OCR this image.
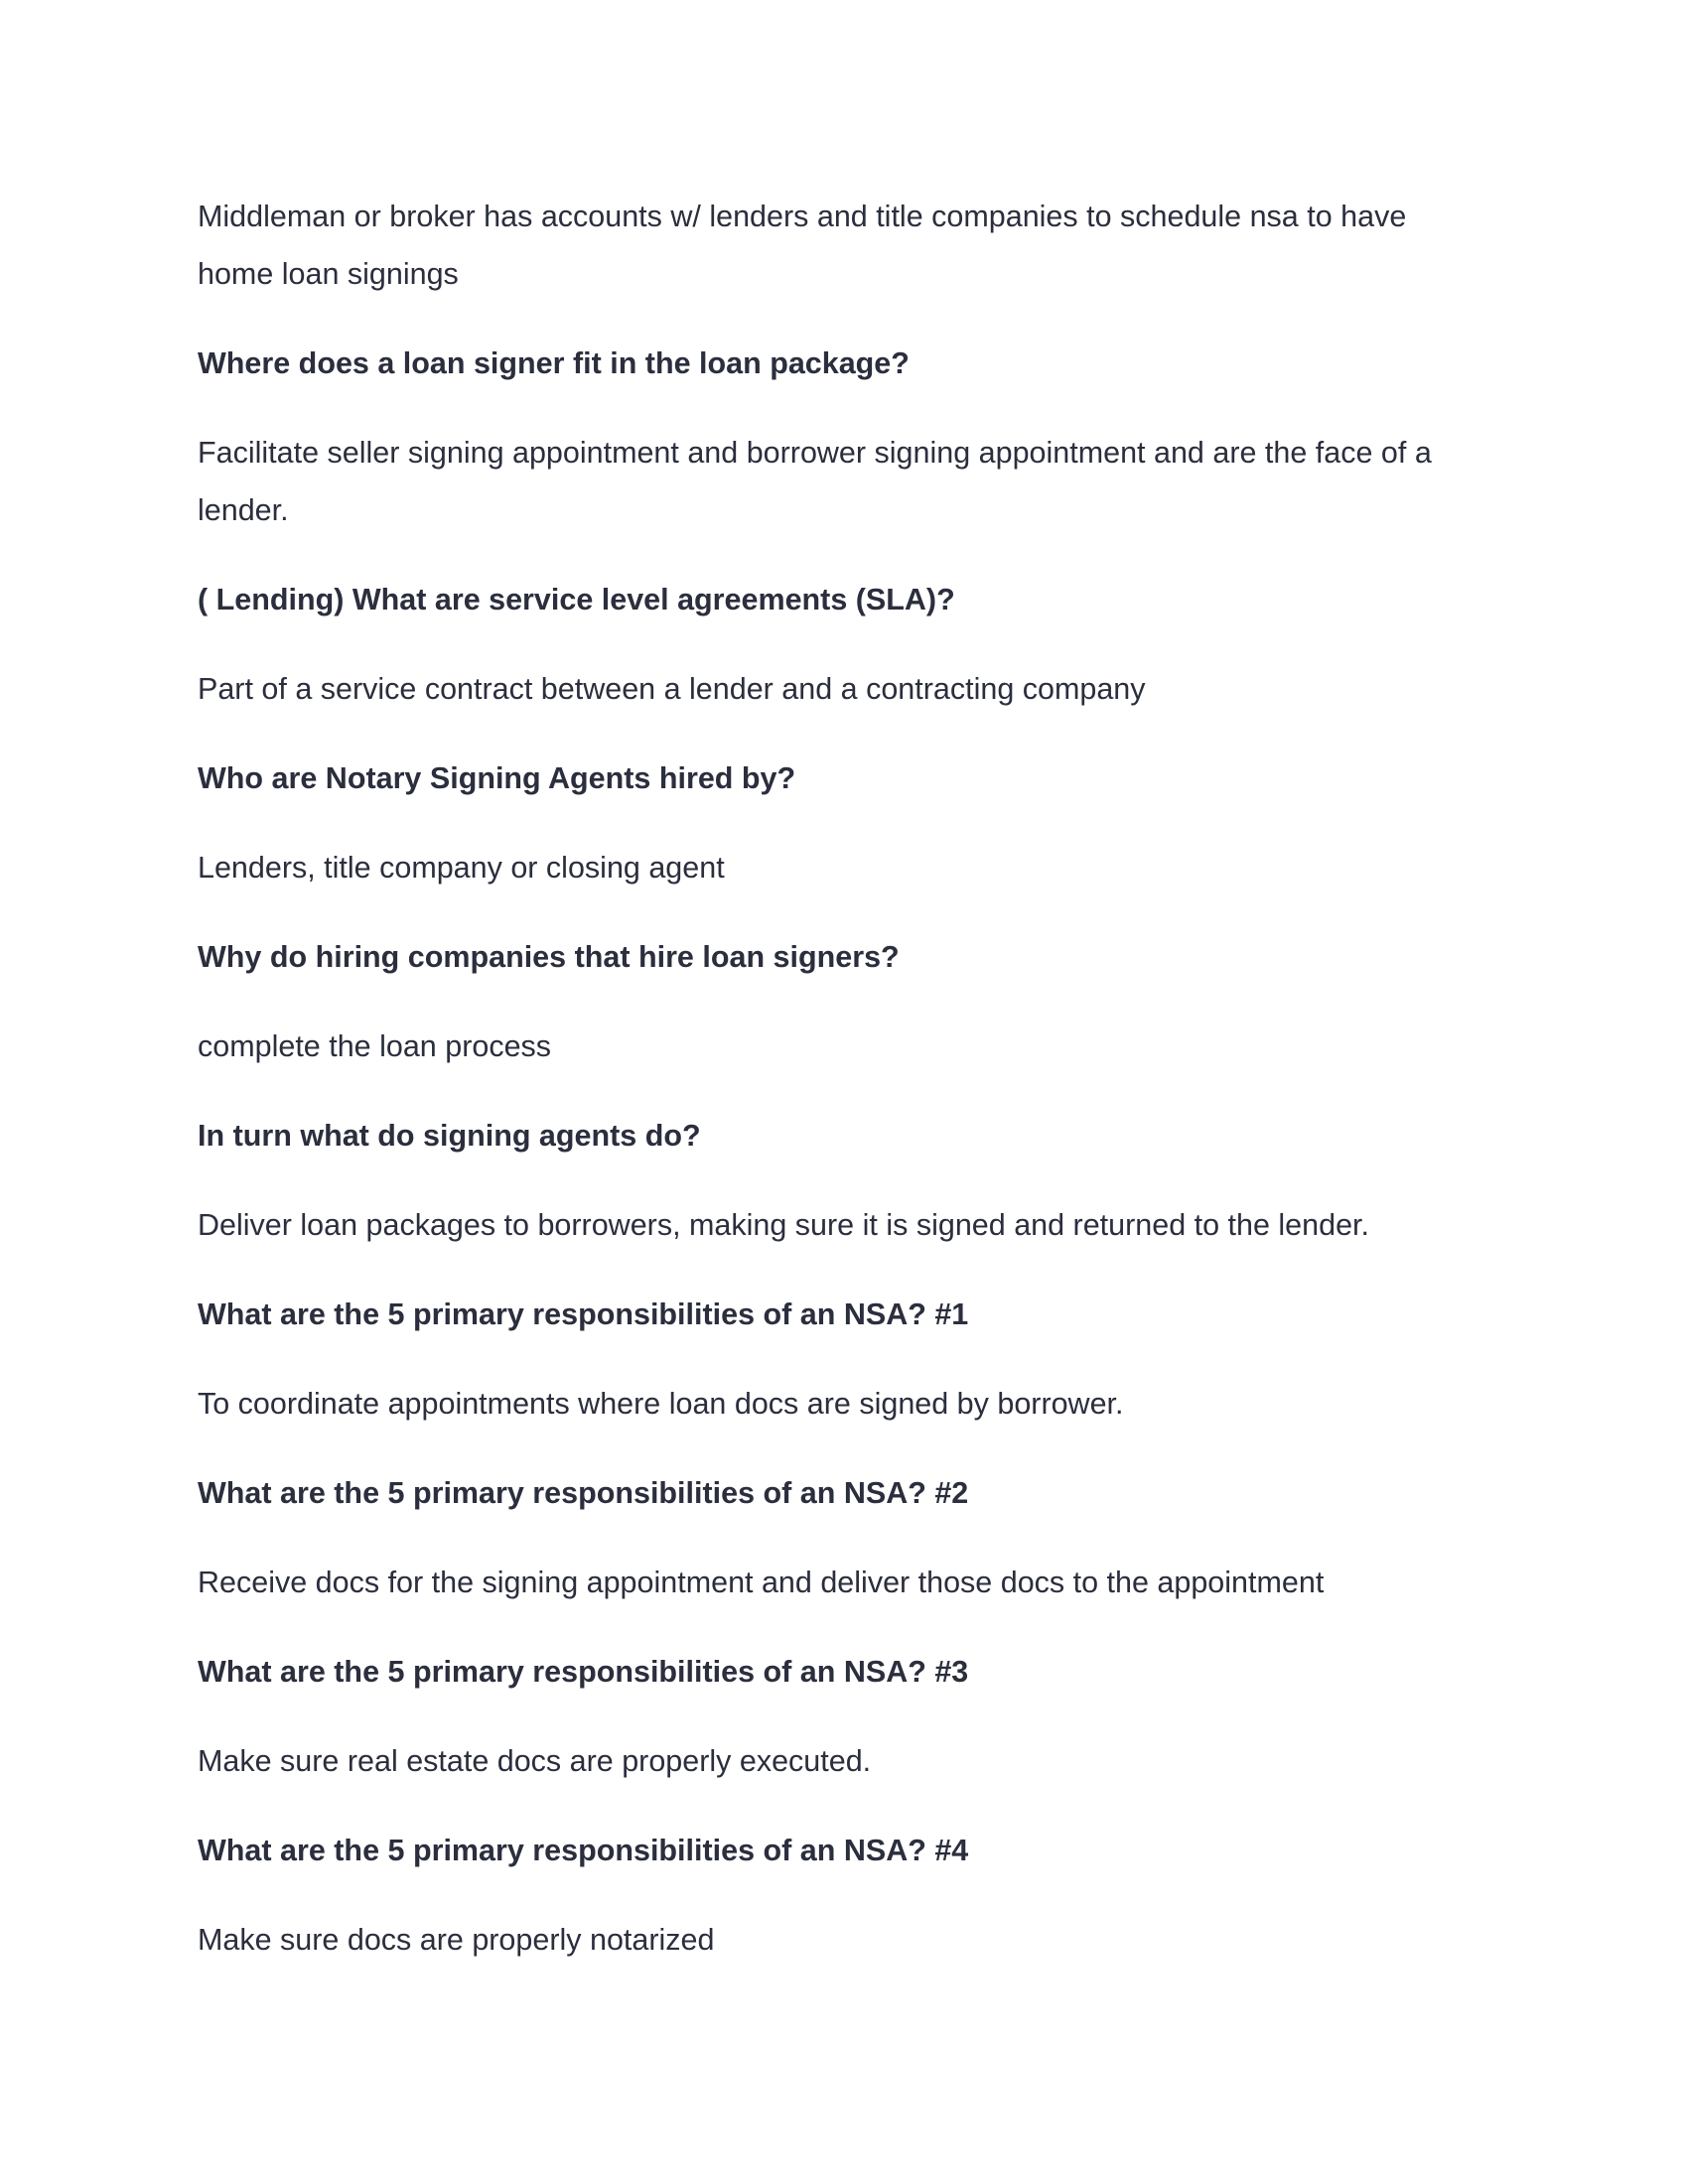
Middleman or broker has accounts w/ lenders and title companies to schedule nsa to have home loan signings

Where does a loan signer fit in the loan package?

Facilitate seller signing appointment and borrower signing appointment and are the face of a lender.

( Lending) What are service level agreements (SLA)?

Part of a service contract between a lender and a contracting company

Who are Notary Signing Agents hired by?

Lenders, title company or closing agent

Why do hiring companies that hire loan signers?

complete the loan process

In turn what do signing agents do?

Deliver loan packages to borrowers, making sure it is signed and returned to the lender.

What are the 5 primary responsibilities of an NSA? #1

To coordinate appointments where loan docs are signed by borrower.

What are the 5 primary responsibilities of an NSA? #2

Receive docs for the signing appointment and deliver those docs to the appointment

What are the 5 primary responsibilities of an NSA? #3

Make sure real estate docs are properly executed.

What are the 5 primary responsibilities of an NSA? #4

Make sure docs are properly notarized
